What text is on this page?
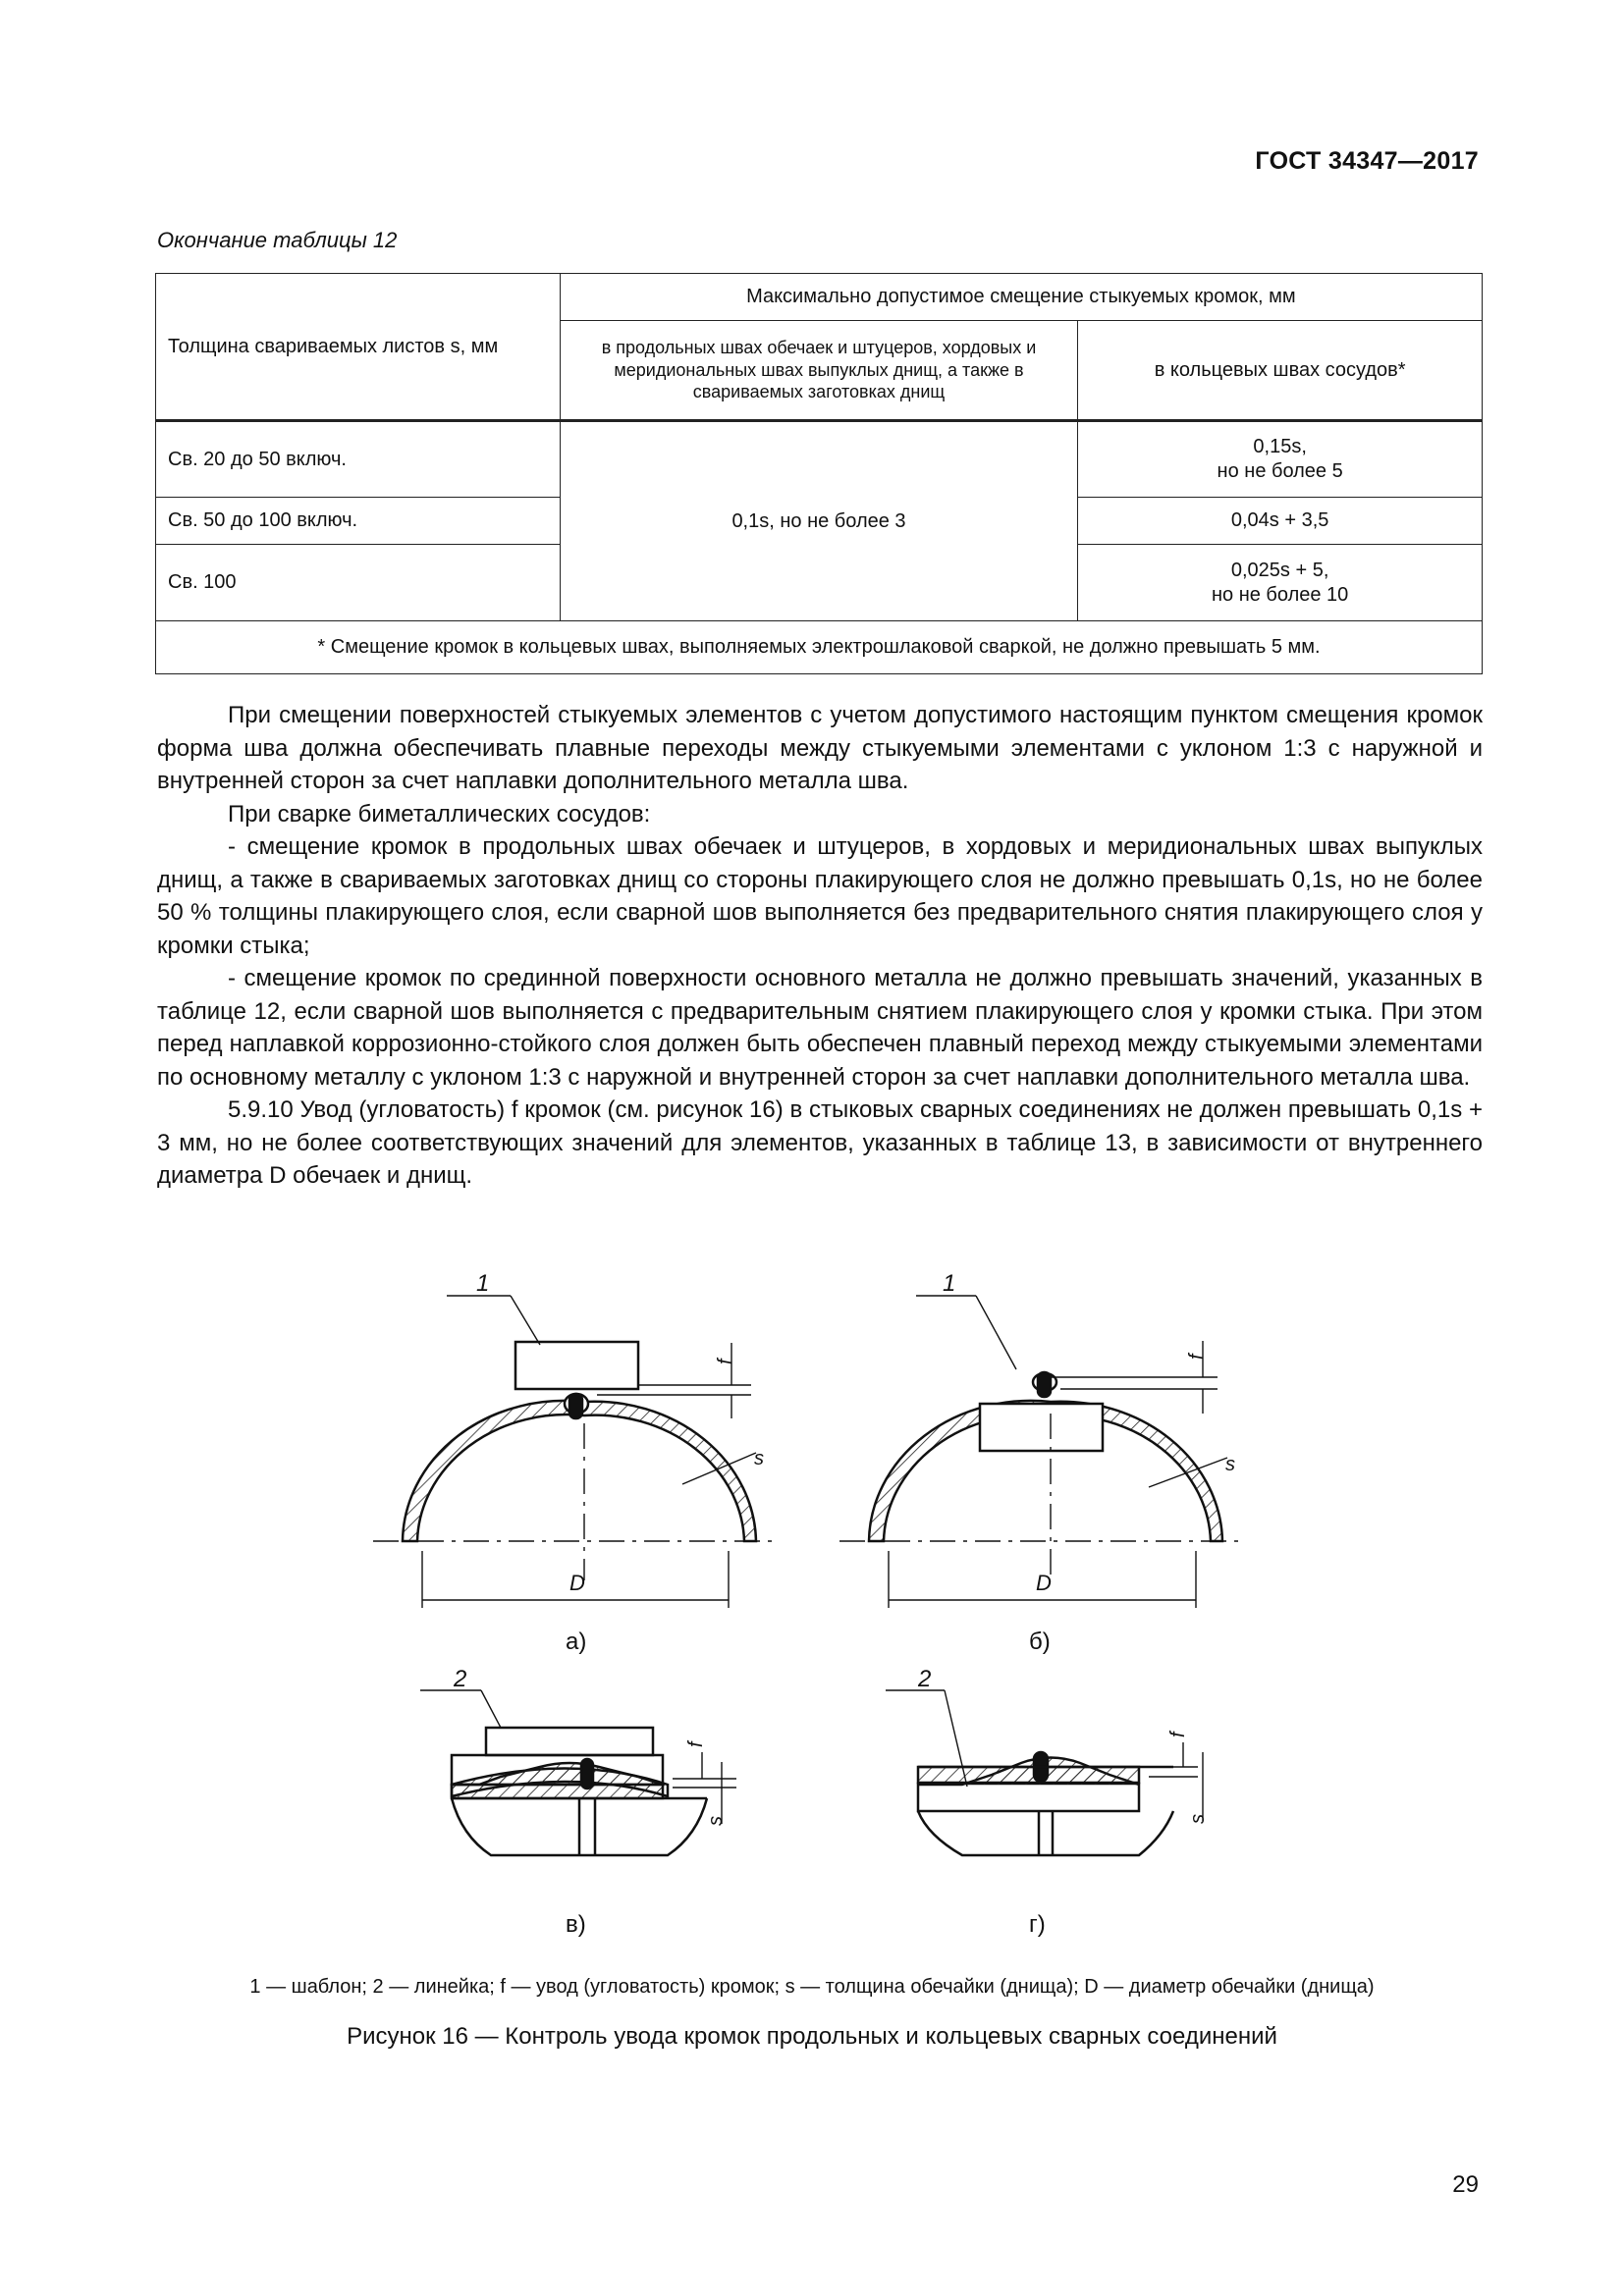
ГОСТ 34347—2017
Окончание таблицы 12
Толщина свариваемых листов s, мм	Максимально допустимое смещение стыкуемых кромок, мм	
	в продольных швах обечаек и штуцеров, хордовых и меридиональных швах выпуклых днищ, а также в свариваемых заготовках днищ	в кольцевых швах сосудов*
Св. 20 до 50 включ.	0,1s, но не более 3	0,15s,
но не более 5
Св. 50 до 100 включ.		0,04s + 3,5
Св. 100		0,025s + 5,
но не более 10
* Смещение кромок в кольцевых швах, выполняемых электрошлаковой сваркой, не должно превышать 5 мм.		

При смещении поверхностей стыкуемых элементов с учетом допустимого настоящим пунктом смещения кромок форма шва должна обеспечивать плавные переходы между стыкуемыми элементами с уклоном 1:3 с наружной и внутренней сторон за счет наплавки дополнительного металла шва.

При сварке биметаллических сосудов:

- смещение кромок в продольных швах обечаек и штуцеров, в хордовых и меридиональных швах выпуклых днищ, а также в свариваемых заготовках днищ со стороны плакирующего слоя не должно превышать 0,1s, но не более 50 % толщины плакирующего слоя, если сварной шов выполняется без предварительного снятия плакирующего слоя у кромки стыка;

- смещение кромок по срединной поверхности основного металла не должно превышать значений, указанных в таблице 12, если сварной шов выполняется с предварительным снятием плакирующего слоя у кромки стыка. При этом перед наплавкой коррозионно-стойкого слоя должен быть обеспечен плавный переход между стыкуемыми элементами по основному металлу с уклоном 1:3 с наружной и внутренней сторон за счет наплавки дополнительного металла шва.

5.9.10 Увод (угловатость) f кромок (см. рисунок 16) в стыковых сварных соединениях не должен превышать 0,1s + 3 мм, но не более соответствующих значений для элементов, указанных в таблице 13, в зависимости от внутреннего диаметра D обечаек и днищ.

1
f
s
D
а)
1
f
s
D
б)
2
f
s
в)
2
f
s
г)
1 — шаблон; 2 — линейка; f — увод (угловатость) кромок; s — толщина обечайки (днища); D — диаметр обечайки (днища)
Рисунок 16 — Контроль увода кромок продольных и кольцевых сварных соединений
29
